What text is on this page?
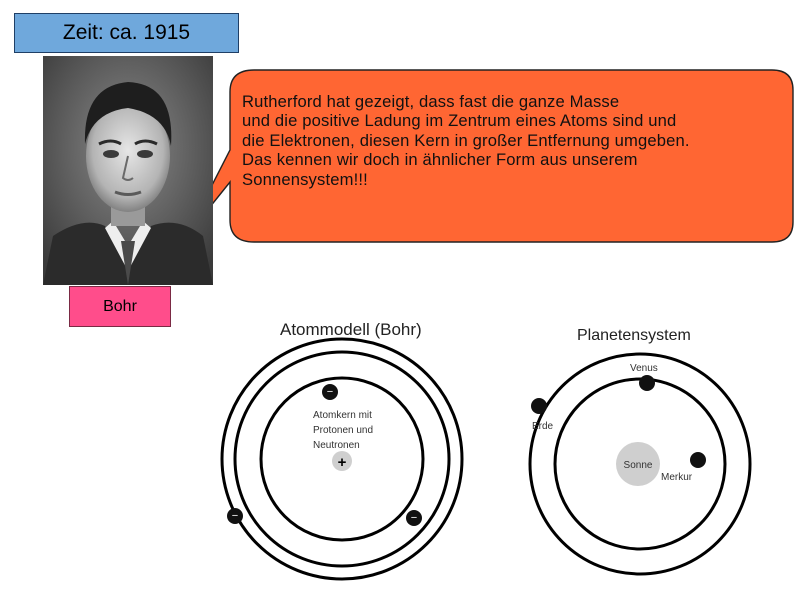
Zeit: ca. 1915
Rutherford hat gezeigt, dass fast die ganze Masse
und die positive Ladung im Zentrum eines Atoms sind und
die Elektronen, diesen Kern in großer Entfernung umgeben.
Das kennen wir doch in ähnlicher Form aus unserem
Sonnensystem!!!
Bohr
Atommodell (Bohr)
Atomkern mit
Protonen und
Neutronen
+
−
−	−
Planetensystem
Sonne
Venus
Erde
Merkur
